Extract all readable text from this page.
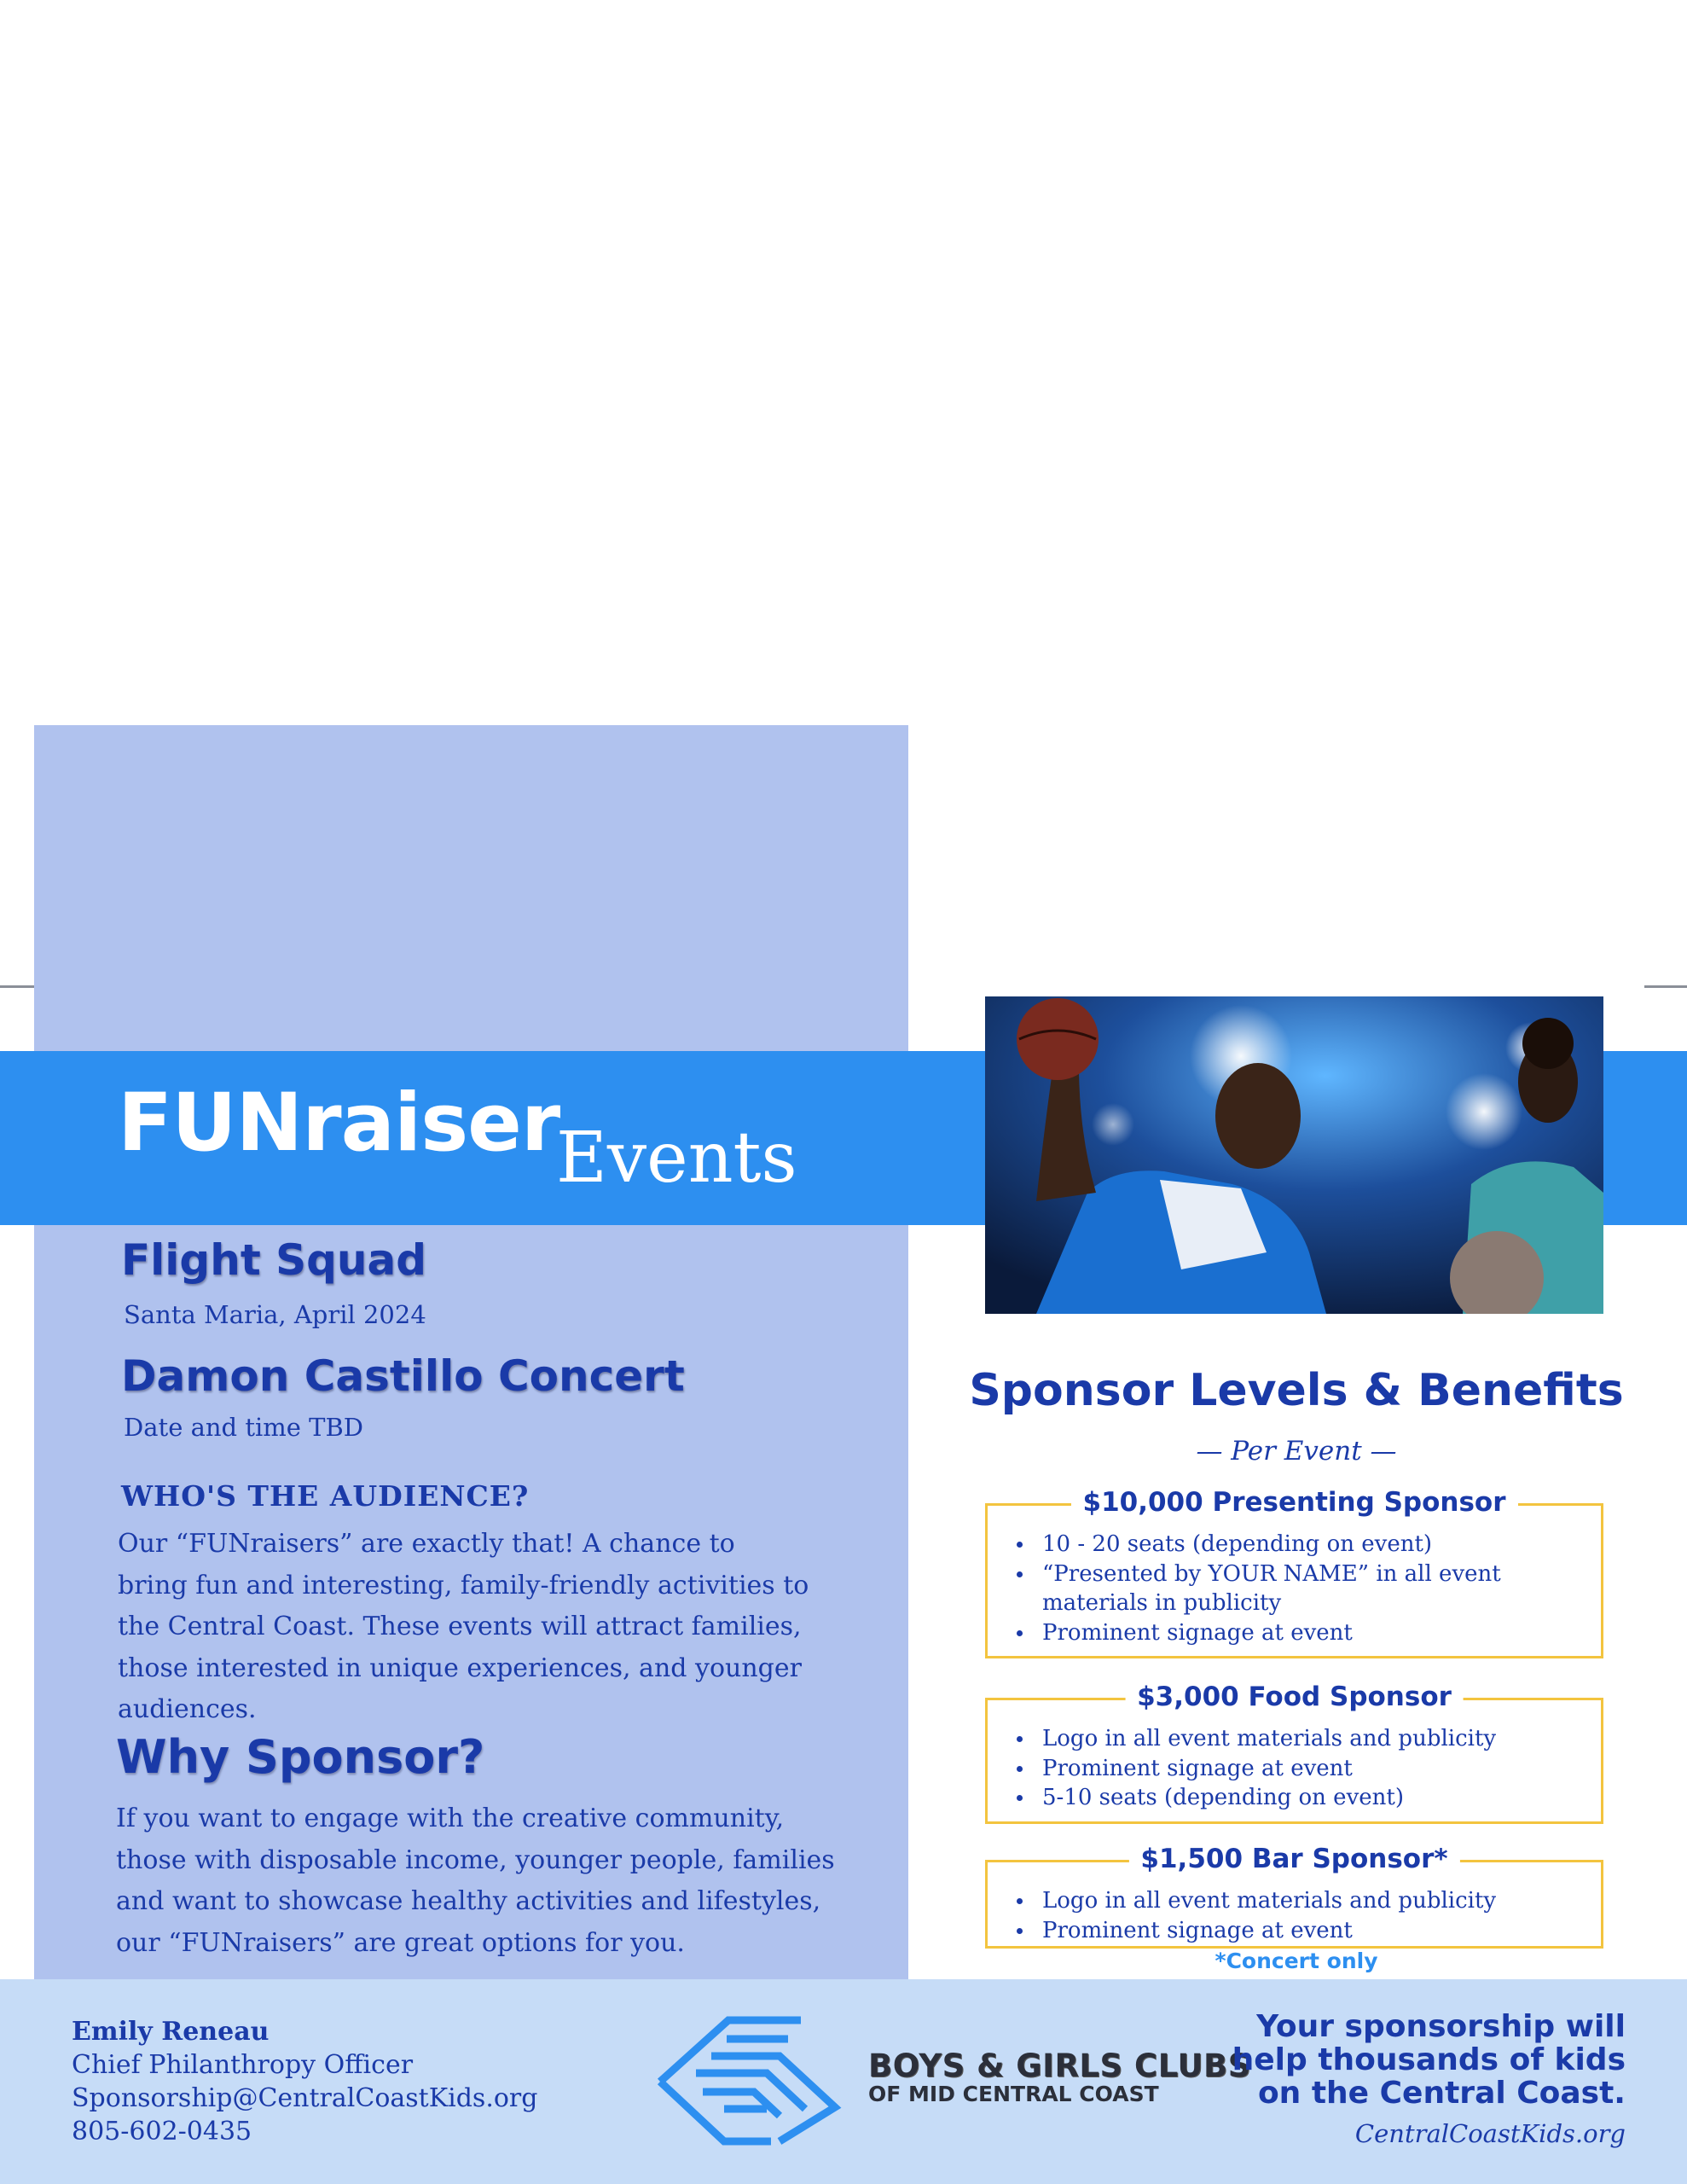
FUNraiser
Events
Flight Squad
Santa Maria, April 2024
Damon Castillo Concert
Date and time TBD
WHO'S THE AUDIENCE?
Our “FUNraisers” are exactly that! A chance to
bring fun and interesting, family-friendly activities to
the Central Coast. These events will attract families,
those interested in unique experiences, and younger
audiences.
Why Sponsor?
If you want to engage with the creative community,
those with disposable income, younger people, families
and want to showcase healthy activities and lifestyles,
our “FUNraisers” are great options for you.
Sponsor Levels & Benefits
— Per Event —
$10,000 Presenting Sponsor
10 - 20 seats (depending on event)
“Presented by YOUR NAME” in all event materials in publicity
Prominent signage at event
$3,000 Food Sponsor
Logo in all event materials and publicity
Prominent signage at event
5-10 seats (depending on event)
$1,500 Bar Sponsor*
Logo in all event materials and publicity
Prominent signage at event
*Concert only
Emily Reneau
Chief Philanthropy Officer
Sponsorship@CentralCoastKids.org
805-602-0435
BOYS & GIRLS CLUBS
OF MID CENTRAL COAST
Your sponsorship will
help thousands of kids
on the Central Coast.
CentralCoastKids.org
